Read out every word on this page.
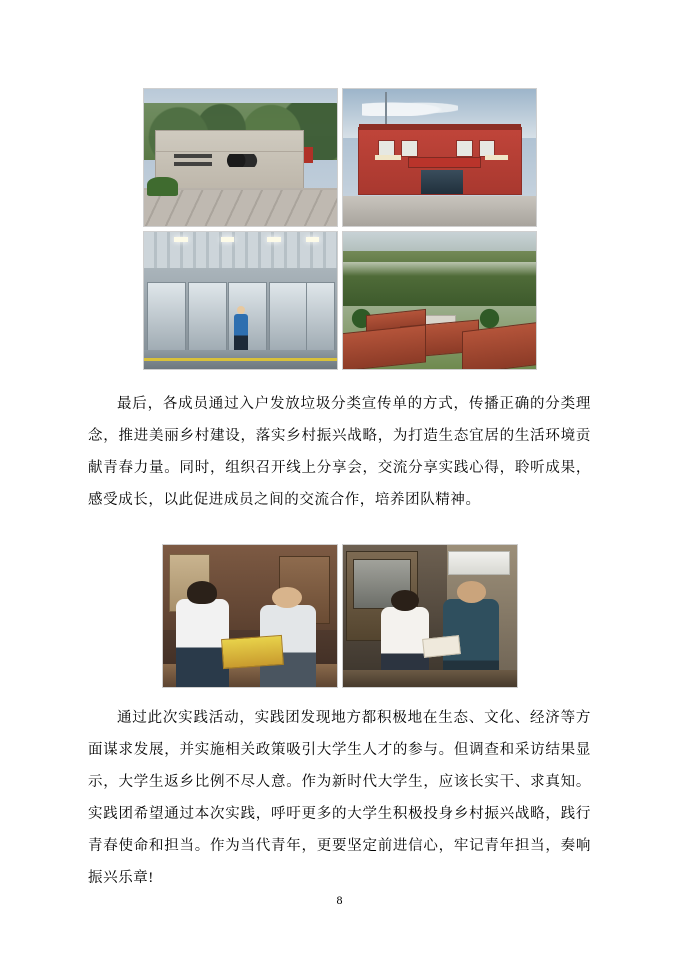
最后，各成员通过入户发放垃圾分类宣传单的方式，传播正确的分类理念，推进美丽乡村建设，落实乡村振兴战略，为打造生态宜居的生活环境贡献青春力量。同时，组织召开线上分享会，交流分享实践心得，聆听成果，感受成长，以此促进成员之间的交流合作，培养团队精神。

通过此次实践活动，实践团发现地方都积极地在生态、文化、经济等方面谋求发展，并实施相关政策吸引大学生人才的参与。但调查和采访结果显示，大学生返乡比例不尽人意。作为新时代大学生，应该长实干、求真知。实践团希望通过本次实践，呼吁更多的大学生积极投身乡村振兴战略，践行青春使命和担当。作为当代青年，更要坚定前进信心，牢记青年担当，奏响振兴乐章!

8
